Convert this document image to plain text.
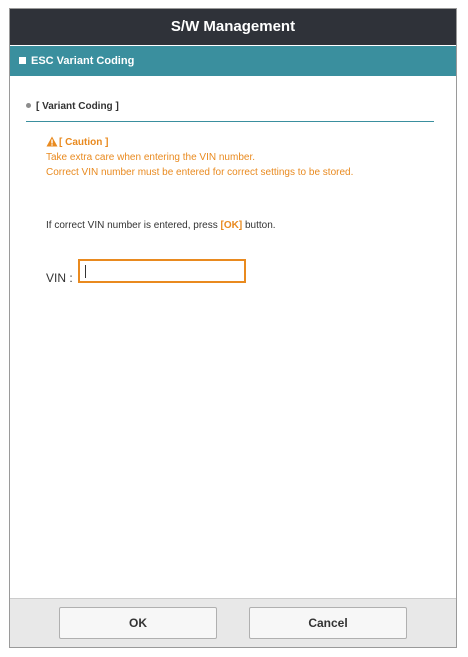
S/W Management
ESC Variant Coding
[ Variant Coding ]
[ Caution ]
Take extra care when entering the VIN number.
Correct VIN number must be entered for correct settings to be stored.
If correct VIN number is entered, press [OK] button.
VIN :
OK	Cancel
